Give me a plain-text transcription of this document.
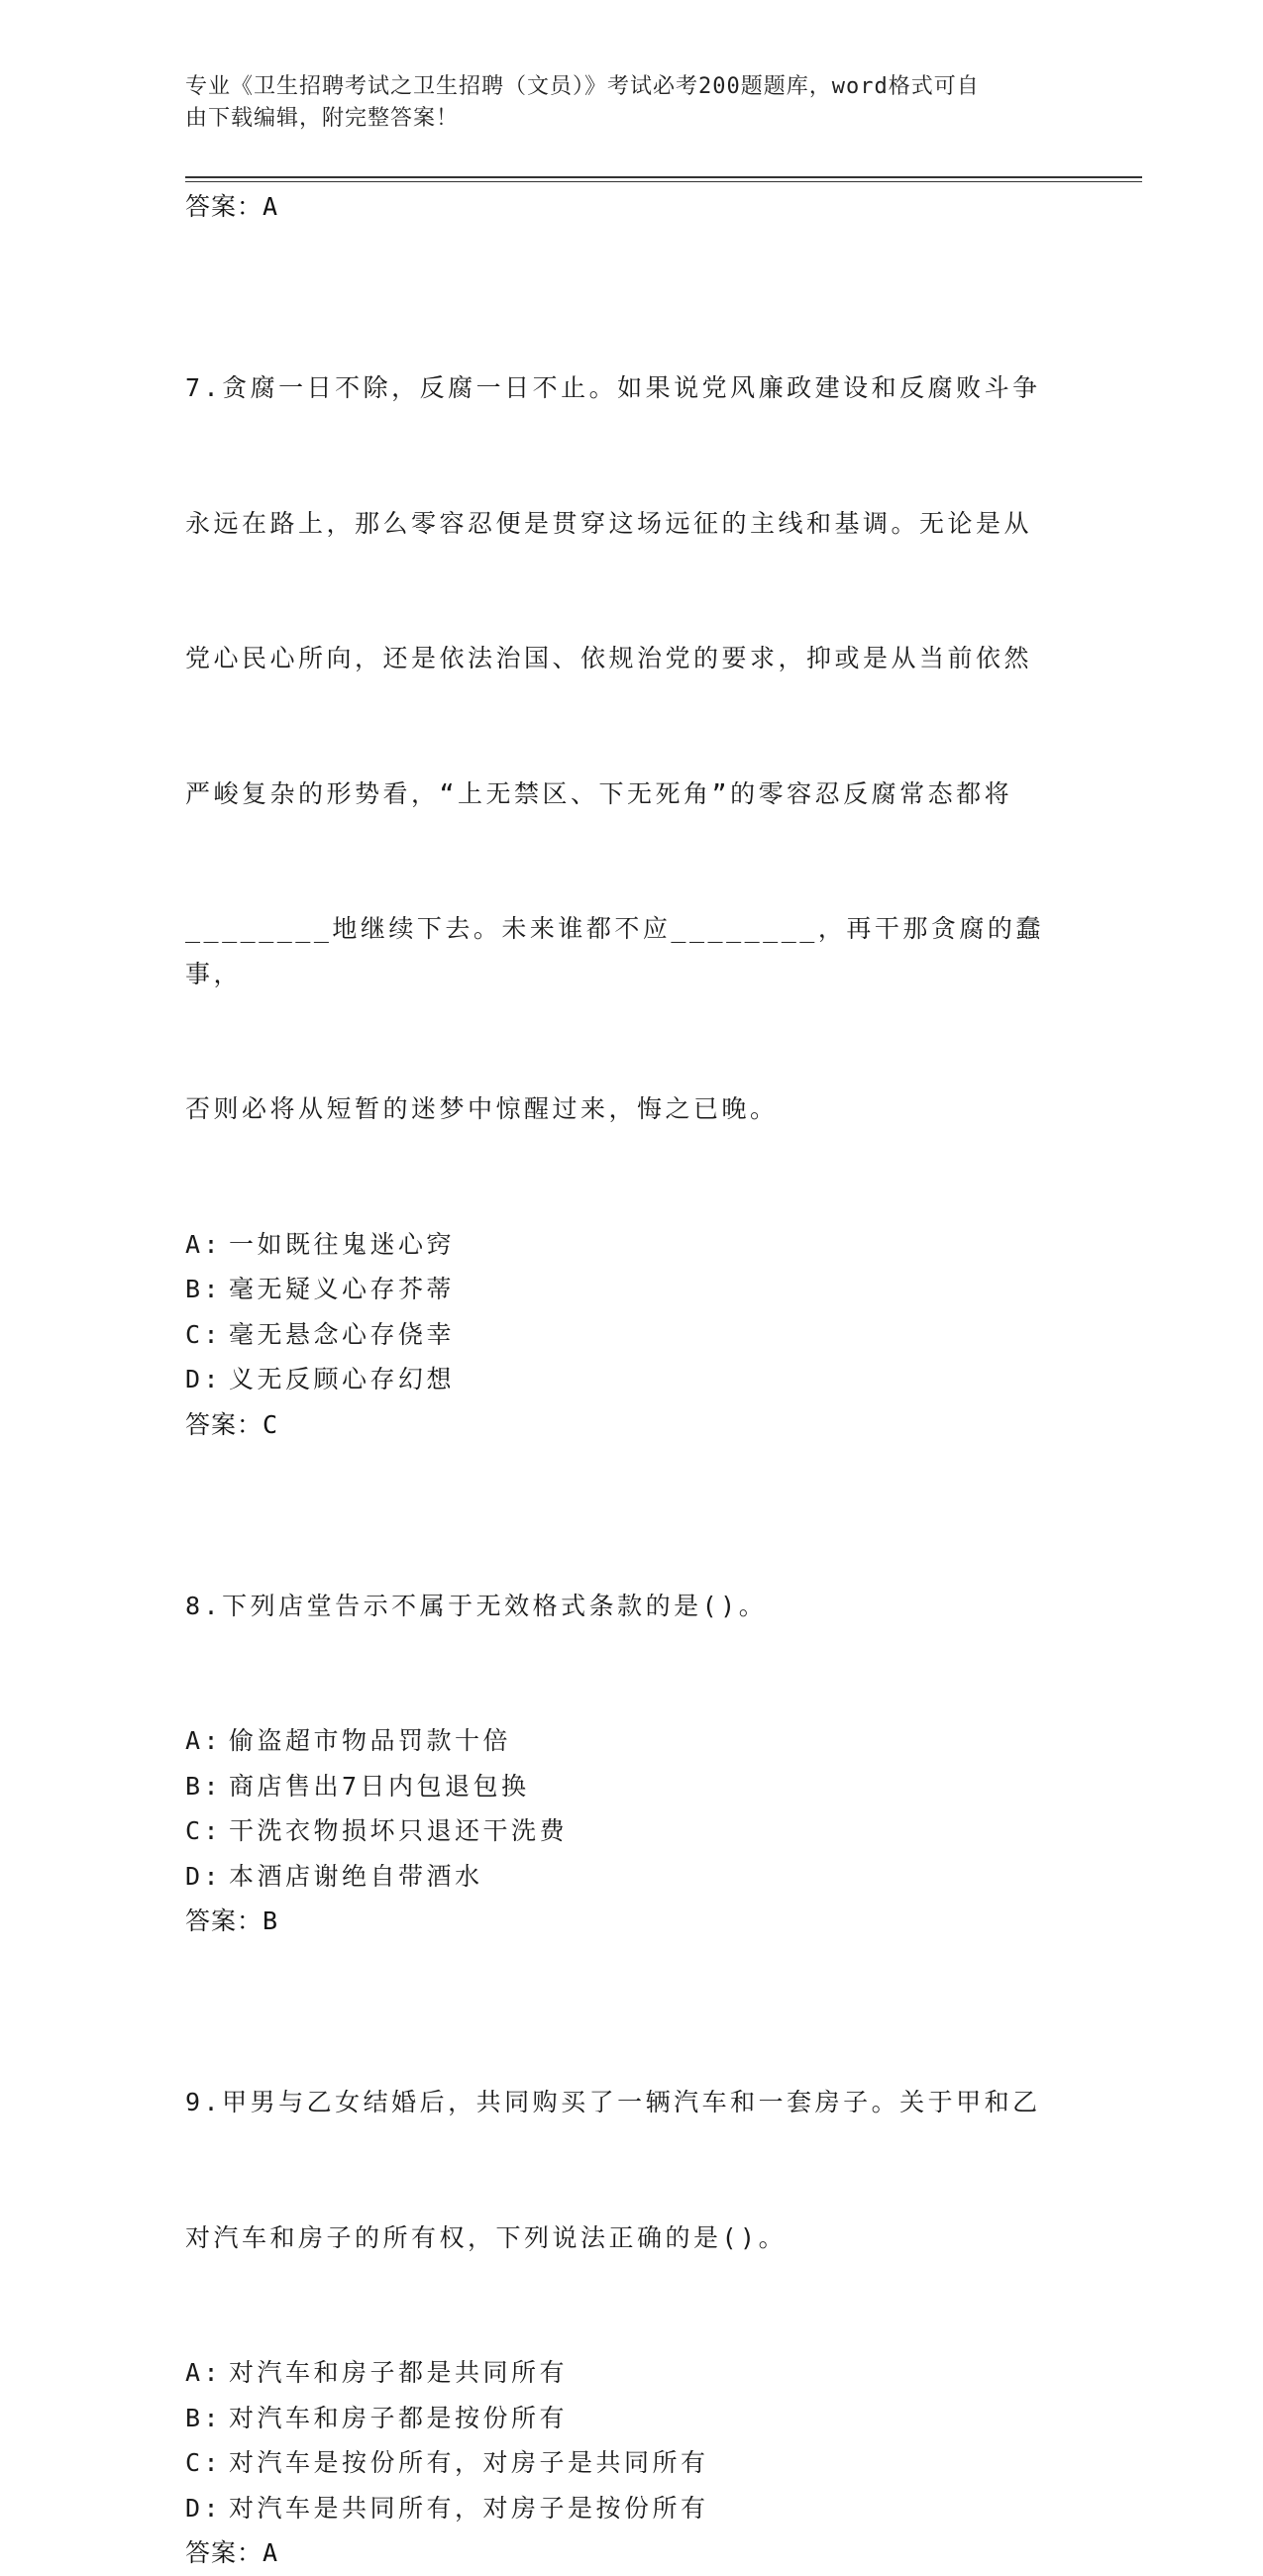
专业《卫生招聘考试之卫生招聘（文员）》考试必考200题题库，word格式可自
由下载编辑，附完整答案！
答案：A

7.贪腐一日不除，反腐一日不止。如果说党风廉政建设和反腐败斗争

永远在路上，那么零容忍便是贯穿这场远征的主线和基调。无论是从

党心民心所向，还是依法治国、依规治党的要求，抑或是从当前依然

严峻复杂的形势看，“上无禁区、下无死角”的零容忍反腐常态都将

________地继续下去。未来谁都不应________，再干那贪腐的蠢事，

否则必将从短暂的迷梦中惊醒过来，悔之已晚。

A: 一如既往鬼迷心窍
B: 毫无疑义心存芥蒂
C: 毫无悬念心存侥幸
D: 义无反顾心存幻想
答案：C

8.下列店堂告示不属于无效格式条款的是()。

A: 偷盗超市物品罚款十倍
B: 商店售出7日内包退包换
C: 干洗衣物损坏只退还干洗费
D: 本酒店谢绝自带酒水
答案：B

9.甲男与乙女结婚后，共同购买了一辆汽车和一套房子。关于甲和乙

对汽车和房子的所有权，下列说法正确的是()。

A: 对汽车和房子都是共同所有
B: 对汽车和房子都是按份所有
C: 对汽车是按份所有，对房子是共同所有
D: 对汽车是共同所有，对房子是按份所有
答案：A
